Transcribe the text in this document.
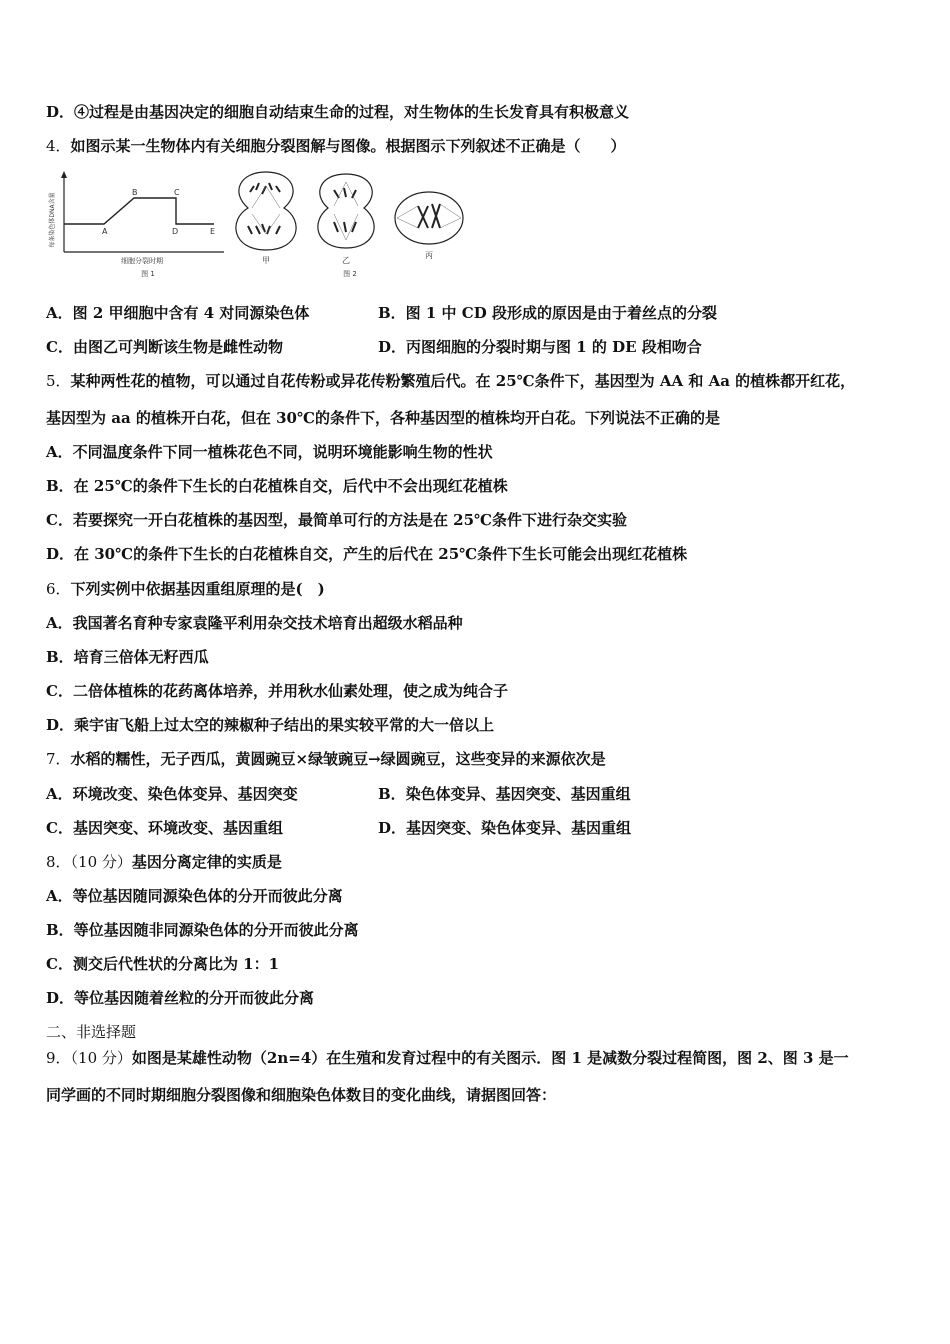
D．④过程是由基因决定的细胞自动结束生命的过程，对生物体的生长发育具有积极意义
4．如图示某一生物体内有关细胞分裂图解与图像。根据图示下列叙述不正确是（　　）
每条染色体DNA含量	A
B	C
D	E
细胞分裂时期
图 1
甲	乙
图 2
丙
A．图 2 甲细胞中含有 4 对同源染色体	B．图 1 中 CD 段形成的原因是由于着丝点的分裂
C．由图乙可判断该生物是雌性动物	D．丙图细胞的分裂时期与图 1 的 DE 段相吻合
5．某种两性花的植物，可以通过自花传粉或异花传粉繁殖后代。在 25℃条件下，基因型为 AA 和 Aa 的植株都开红花，
基因型为 aa 的植株开白花，但在 30℃的条件下，各种基因型的植株均开白花。下列说法不正确的是
A．不同温度条件下同一植株花色不同，说明环境能影响生物的性状
B．在 25℃的条件下生长的白花植株自交，后代中不会出现红花植株
C．若要探究一开白花植株的基因型，最简单可行的方法是在 25℃条件下进行杂交实验
D．在 30℃的条件下生长的白花植株自交，产生的后代在 25℃条件下生长可能会出现红花植株
6．下列实例中依据基因重组原理的是(　)
A．我国著名育种专家袁隆平利用杂交技术培育出超级水稻品种
B．培育三倍体无籽西瓜
C．二倍体植株的花药离体培养，并用秋水仙素处理，使之成为纯合子
D．乘宇宙飞船上过太空的辣椒种子结出的果实较平常的大一倍以上
7．水稻的糯性，无子西瓜，黄圆豌豆×绿皱豌豆→绿圆豌豆，这些变异的来源依次是
A．环境改变、染色体变异、基因突变	B．染色体变异、基因突变、基因重组
C．基因突变、环境改变、基因重组	D．基因突变、染色体变异、基因重组
8．（10 分）基因分离定律的实质是
A．等位基因随同源染色体的分开而彼此分离
B．等位基因随非同源染色体的分开而彼此分离
C．测交后代性状的分离比为 1：1
D．等位基因随着丝粒的分开而彼此分离
二、非选择题
9．（10 分）如图是某雄性动物（2n=4）在生殖和发育过程中的有关图示．图 1 是减数分裂过程简图，图 2、图 3 是一
同学画的不同时期细胞分裂图像和细胞染色体数目的变化曲线，请据图回答：
